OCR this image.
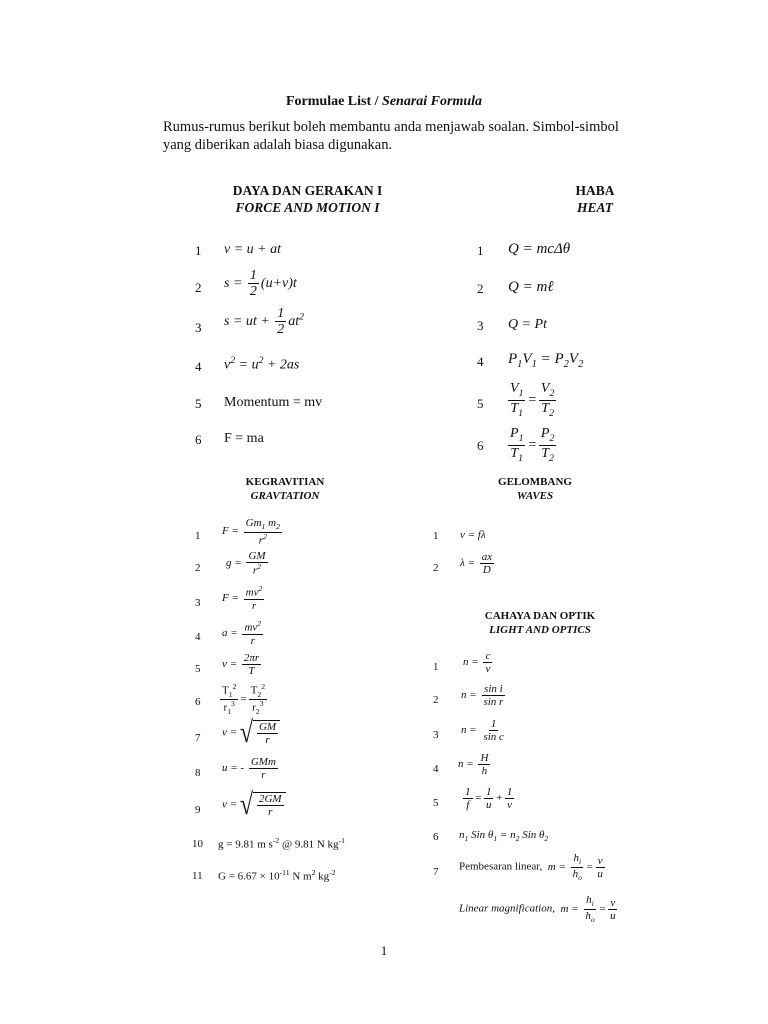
Formulae List / Senarai Formula
Rumus-rumus berikut boleh membantu anda menjawab soalan. Simbol-simbol yang diberikan adalah biasa digunakan.
DAYA DAN GERAKAN I
FORCE AND MOTION I
HABA
HEAT
KEGRAVITIAN
GRAVTATION
GELOMBANG
WAVES
CAHAYA DAN OPTIK
LIGHT AND OPTICS
1 v = u + at
2 $s = \frac{1}{2} (u+v)t$
3 s = ut + $\frac{1}{2} at^2$
4 $v^2 = u^2 + 2as$
5 Momentum = mv
6 F = ma
1 Q = mcΔθ
2 Q = mℓ
3 Q = Pt
4 $P_1V_1 = P_2V_2$
$5 \frac{V_1}{T_1} = \frac{V_2}{T_2}$
$6 \frac{P_1}{T_1} = \frac{P_2}{T_2}$
1 $F = \frac{Gm_1 m_2}{r^2}$
2 $g = \frac{GM}{r^2}$
3 $F = \frac{mv^2}{r}$
4 $a = \frac{mv^2}{r}$
5 $v = \frac{2\pi r}{T}$
$6 \frac{T_1^2}{r_1^3} = \frac{T_2^2}{r_2^3}$
7 v = √ $\frac{GM}{r}$
8 u = - $\frac{\text{GMm}}{r}$
9 v = √ $\frac{2GM}{r}$
10 g = 9.81 m $s^{-2}$ @ 9.81 N $kg^{-1}$
11 $G = 6.67 \times 10^{-11}$ N $m^2$ $kg^{-2}$
1 v = fλ
2 $\lambda = \frac{ax}{D}$
1 $n = \frac{c}{v}$
2 $n = \frac{\text{sin i}}{\text{sin r}}$
3 $n = \frac{1}{\text{sin c}}$
4 $n = \frac{H}{h}$
$5 \frac{1}{f} = \frac{1}{u} + \frac{1}{v}$
6 $n_1$ Sin $\theta_1 = n_2$ Sin $\theta_2$
7 Pembesaran linear,  $m = \frac{h_i}{h_o} = \frac{v}{u}$
Linear magnification,  $m = \frac{h_i}{h_o} = \frac{v}{u}$
1
